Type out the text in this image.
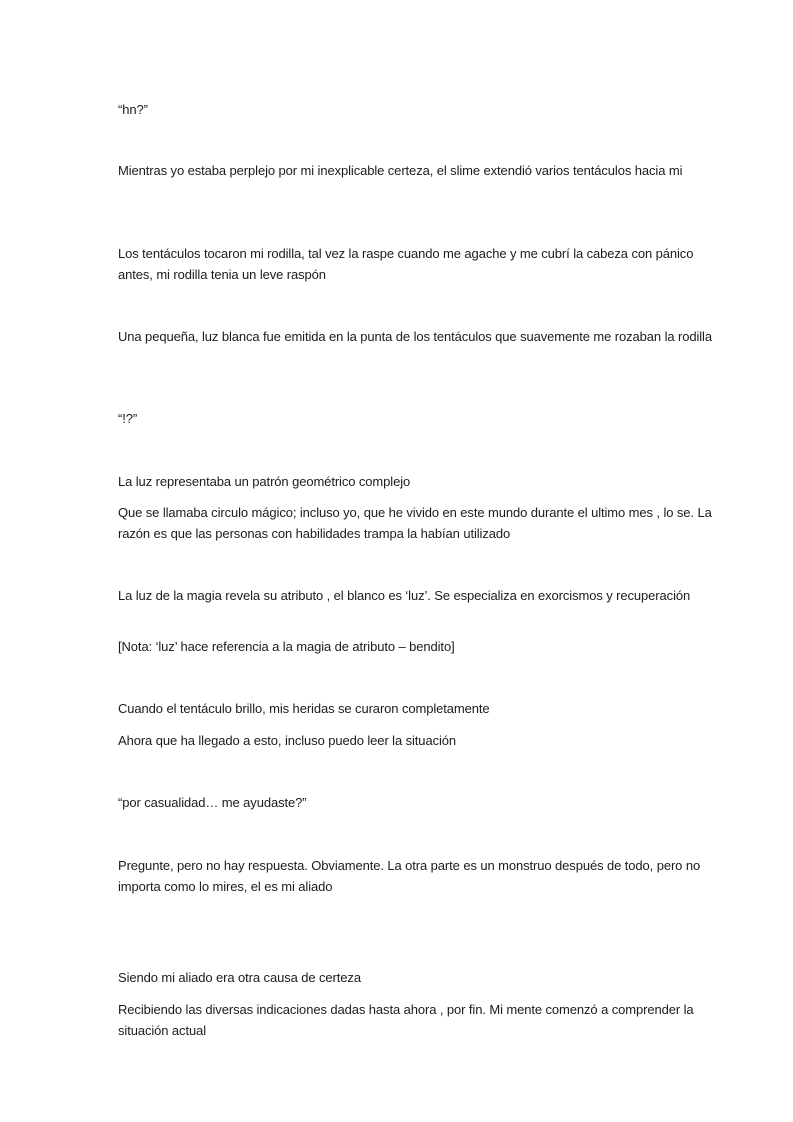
“hn?”

Mientras yo estaba perplejo por mi inexplicable certeza, el slime extendió varios tentáculos hacia mi

Los tentáculos tocaron mi rodilla, tal vez la raspe cuando me agache y me cubrí la cabeza con pánico antes, mi rodilla tenia un leve raspón

Una pequeña, luz blanca fue emitida en la punta de los tentáculos que suavemente me rozaban la rodilla

“!?”

La luz representaba un patrón geométrico complejo

Que se llamaba circulo mágico; incluso yo, que he vivido en este mundo durante el ultimo mes , lo se. La razón es que las personas con habilidades trampa la habían utilizado

La luz de la magia revela su atributo , el blanco es ‘luz’. Se especializa en exorcismos y recuperación

[Nota: ‘luz’ hace referencia a la magia de atributo – bendito]

Cuando el tentáculo brillo, mis heridas se curaron completamente

Ahora que ha llegado a esto, incluso puedo leer la situación

“por casualidad… me ayudaste?”

Pregunte, pero no hay respuesta. Obviamente. La otra parte es un monstruo después de todo, pero no importa como lo mires, el es mi aliado

Siendo mi aliado era otra causa de certeza

Recibiendo las diversas indicaciones dadas hasta ahora , por fin. Mi mente comenzó a comprender la situación actual
